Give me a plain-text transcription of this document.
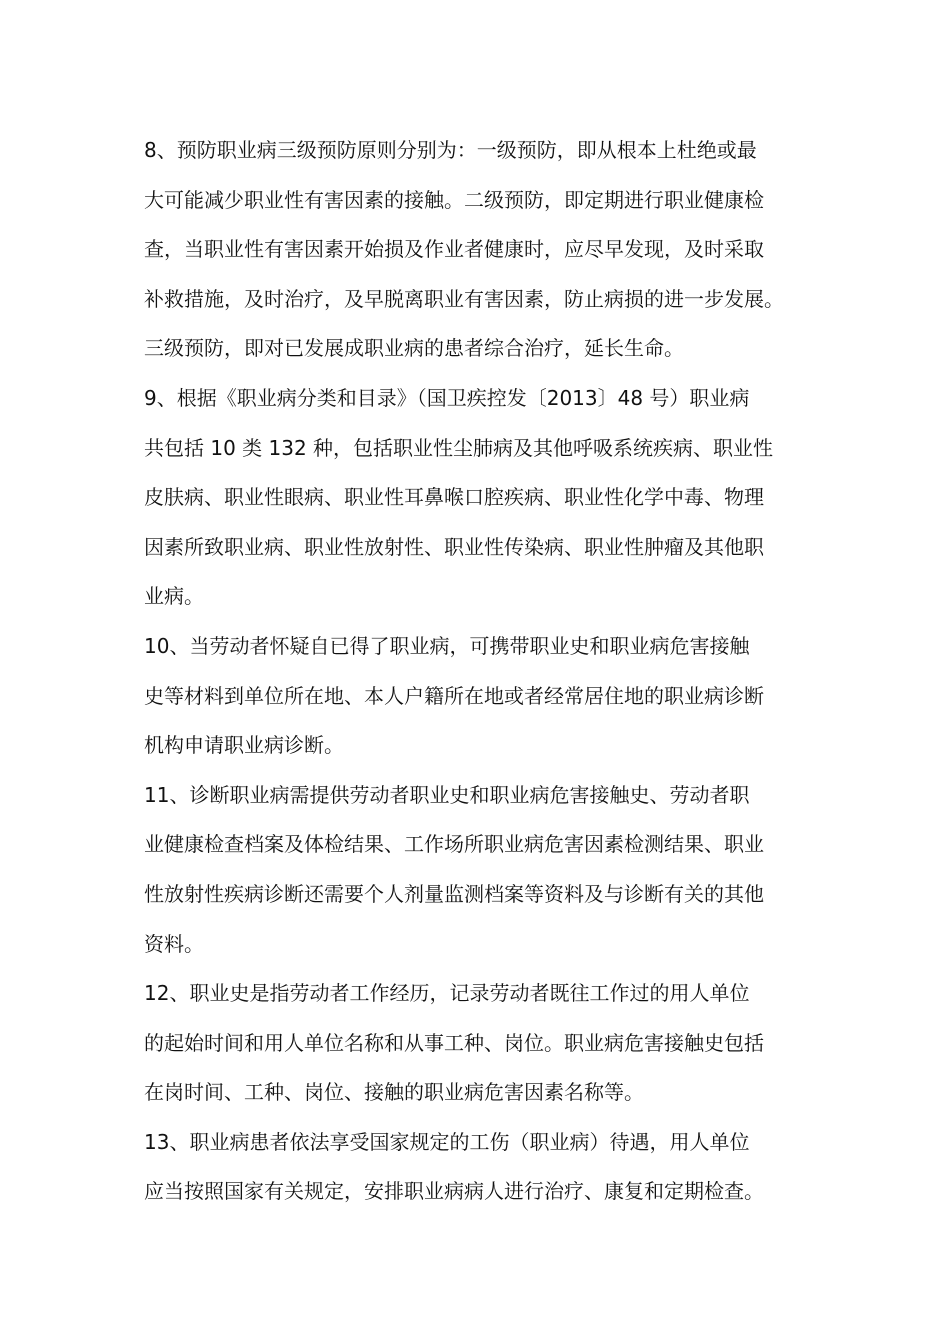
8、预防职业病三级预防原则分别为：一级预防，即从根本上杜绝或最
大可能减少职业性有害因素的接触。二级预防，即定期进行职业健康检
查，当职业性有害因素开始损及作业者健康时，应尽早发现，及时采取
补救措施，及时治疗，及早脱离职业有害因素，防止病损的进一步发展。
三级预防，即对已发展成职业病的患者综合治疗，延长生命。
9、根据《职业病分类和目录》（国卫疾控发〔2013〕48 号）职业病
共包括 10 类 132 种，包括职业性尘肺病及其他呼吸系统疾病、职业性
皮肤病、职业性眼病、职业性耳鼻喉口腔疾病、职业性化学中毒、物理
因素所致职业病、职业性放射性、职业性传染病、职业性肿瘤及其他职
业病。
10、当劳动者怀疑自已得了职业病，可携带职业史和职业病危害接触
史等材料到单位所在地、本人户籍所在地或者经常居住地的职业病诊断
机构申请职业病诊断。
11、诊断职业病需提供劳动者职业史和职业病危害接触史、劳动者职
业健康检查档案及体检结果、工作场所职业病危害因素检测结果、职业
性放射性疾病诊断还需要个人剂量监测档案等资料及与诊断有关的其他
资料。
12、职业史是指劳动者工作经历，记录劳动者既往工作过的用人单位
的起始时间和用人单位名称和从事工种、岗位。职业病危害接触史包括
在岗时间、工种、岗位、接触的职业病危害因素名称等。
13、职业病患者依法享受国家规定的工伤（职业病）待遇，用人单位
应当按照国家有关规定，安排职业病病人进行治疗、康复和定期检查。
